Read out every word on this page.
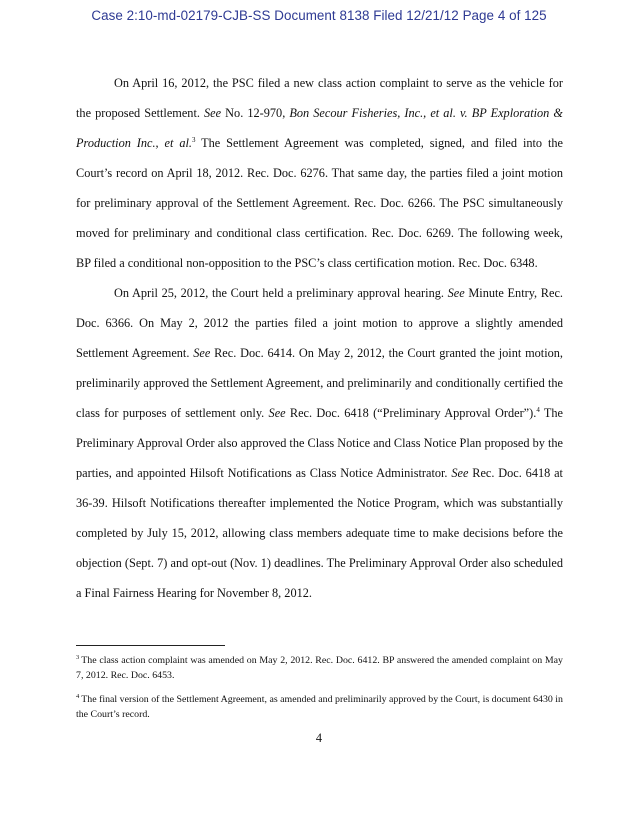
Case 2:10-md-02179-CJB-SS Document 8138 Filed 12/21/12 Page 4 of 125

On April 16, 2012, the PSC filed a new class action complaint to serve as the vehicle for the proposed Settlement. See No. 12-970, Bon Secour Fisheries, Inc., et al. v. BP Exploration & Production Inc., et al.$^3$ The Settlement Agreement was completed, signed, and filed into the Court’s record on April 18, 2012. Rec. Doc. 6276. That same day, the parties filed a joint motion for preliminary approval of the Settlement Agreement. Rec. Doc. 6266. The PSC simultaneously moved for preliminary and conditional class certification. Rec. Doc. 6269. The following week, BP filed a conditional non-opposition to the PSC’s class certification motion. Rec. Doc. 6348.

On April 25, 2012, the Court held a preliminary approval hearing. See Minute Entry, Rec. Doc. 6366. On May 2, 2012 the parties filed a joint motion to approve a slightly amended Settlement Agreement. See Rec. Doc. 6414. On May 2, 2012, the Court granted the joint motion, preliminarily approved the Settlement Agreement, and preliminarily and conditionally certified the class for purposes of settlement only. See Rec. Doc. 6418 (“Preliminary Approval Order”).$^4$ The Preliminary Approval Order also approved the Class Notice and Class Notice Plan proposed by the parties, and appointed Hilsoft Notifications as Class Notice Administrator. See Rec. Doc. 6418 at 36-39. Hilsoft Notifications thereafter implemented the Notice Program, which was substantially completed by July 15, 2012, allowing class members adequate time to make decisions before the objection (Sept. 7) and opt-out (Nov. 1) deadlines. The Preliminary Approval Order also scheduled a Final Fairness Hearing for November 8, 2012.

$^3$ The class action complaint was amended on May 2, 2012. Rec. Doc. 6412. BP answered the amended complaint on May 7, 2012. Rec. Doc. 6453.

$^4$ The final version of the Settlement Agreement, as amended and preliminarily approved by the Court, is document 6430 in the Court’s record.

4
